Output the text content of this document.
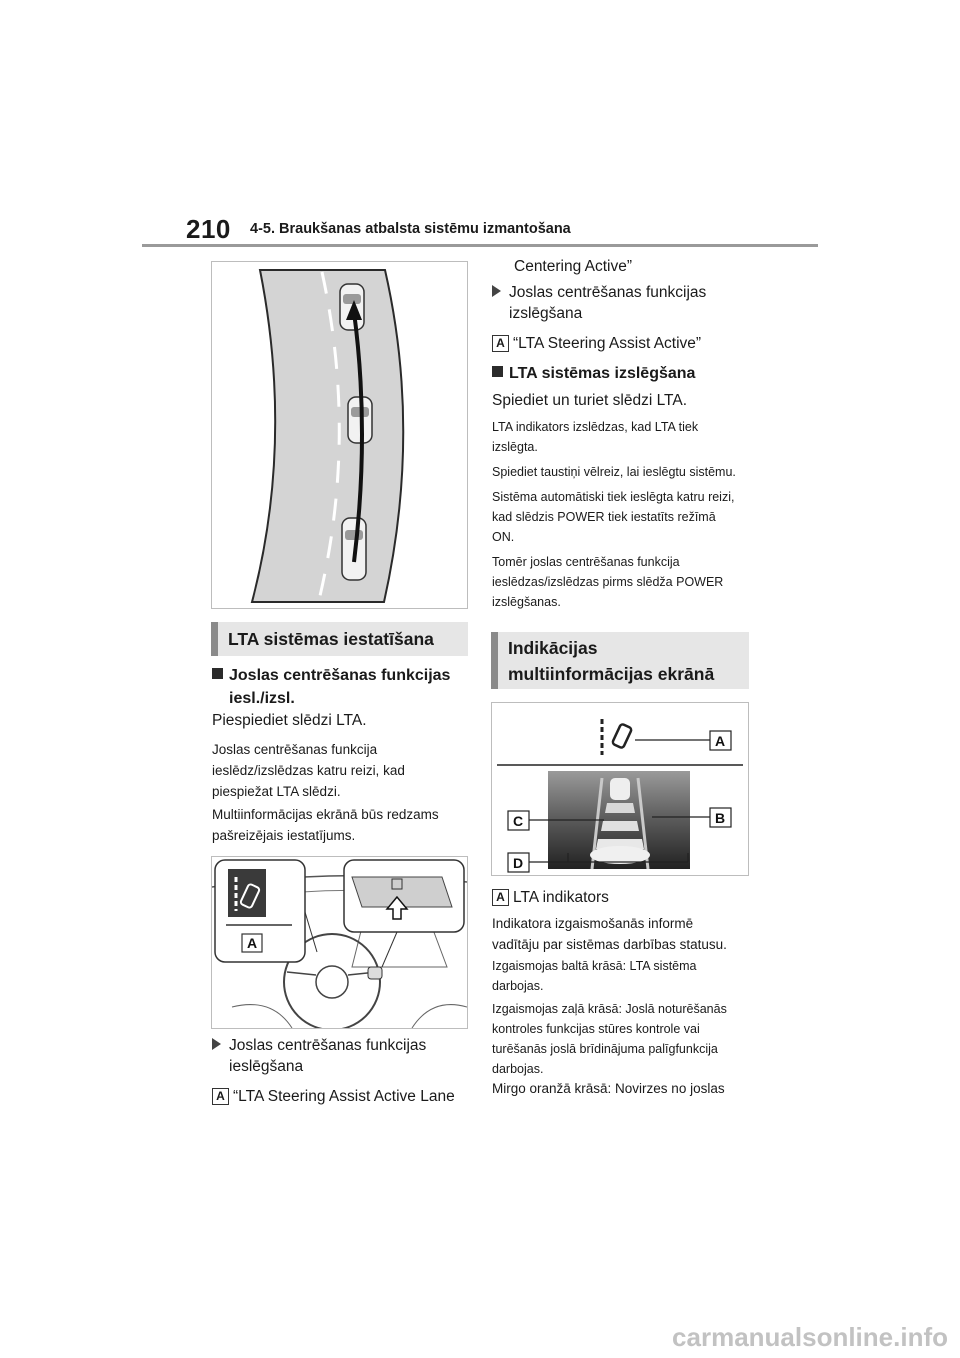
210 4-5. Braukšanas atbalsta sistēmu izmantošana
LTA sistēmas iestatīšana
Joslas centrēšanas funkcijas
iesl./izsl.

Piespiediet slēdzi LTA.

Joslas centrēšanas funkcija
ieslēdz/izslēdzas katru reizi, kad
piespiežat LTA slēdzi.
Multiinformācijas ekrānā būs redzams
pašreizējais iestatījums.
A
Joslas centrēšanas funkcijas
ieslēgšana
A “LTA Steering Assist Active Lane

Centering Active”

Joslas centrēšanas funkcijas
izslēgšana
A “LTA Steering Assist Active”
LTA sistēmas izslēgšana

Spiediet un turiet slēdzi LTA.

LTA indikators izslēdzas, kad LTA tiek
izslēgta.
Spiediet taustiņi vēlreiz, lai ieslēgtu sistēmu.
Sistēma automātiski tiek ieslēgta katru reizi,
kad slēdzis POWER tiek iestatīts režīmā
ON.
Tomēr joslas centrēšanas funkcija
ieslēdzas/izslēdzas pirms slēdža POWER
izslēgšanas.
Indikācijas
multiinformācijas ekrānā
A
B
C
D
A LTA indikators
Indikatora izgaismošanās informē
vadītāju par sistēmas darbības statusu.
Izgaismojas baltā krāsā: LTA sistēma
darbojas.
Izgaismojas zaļā krāsā: Joslā noturēšanās
kontroles funkcijas stūres kontrole vai
turēšanās joslā brīdinājuma palīgfunkcija
darbojas.

Mirgo oranžā krāsā: Novirzes no joslas

carmanualsonline.info
